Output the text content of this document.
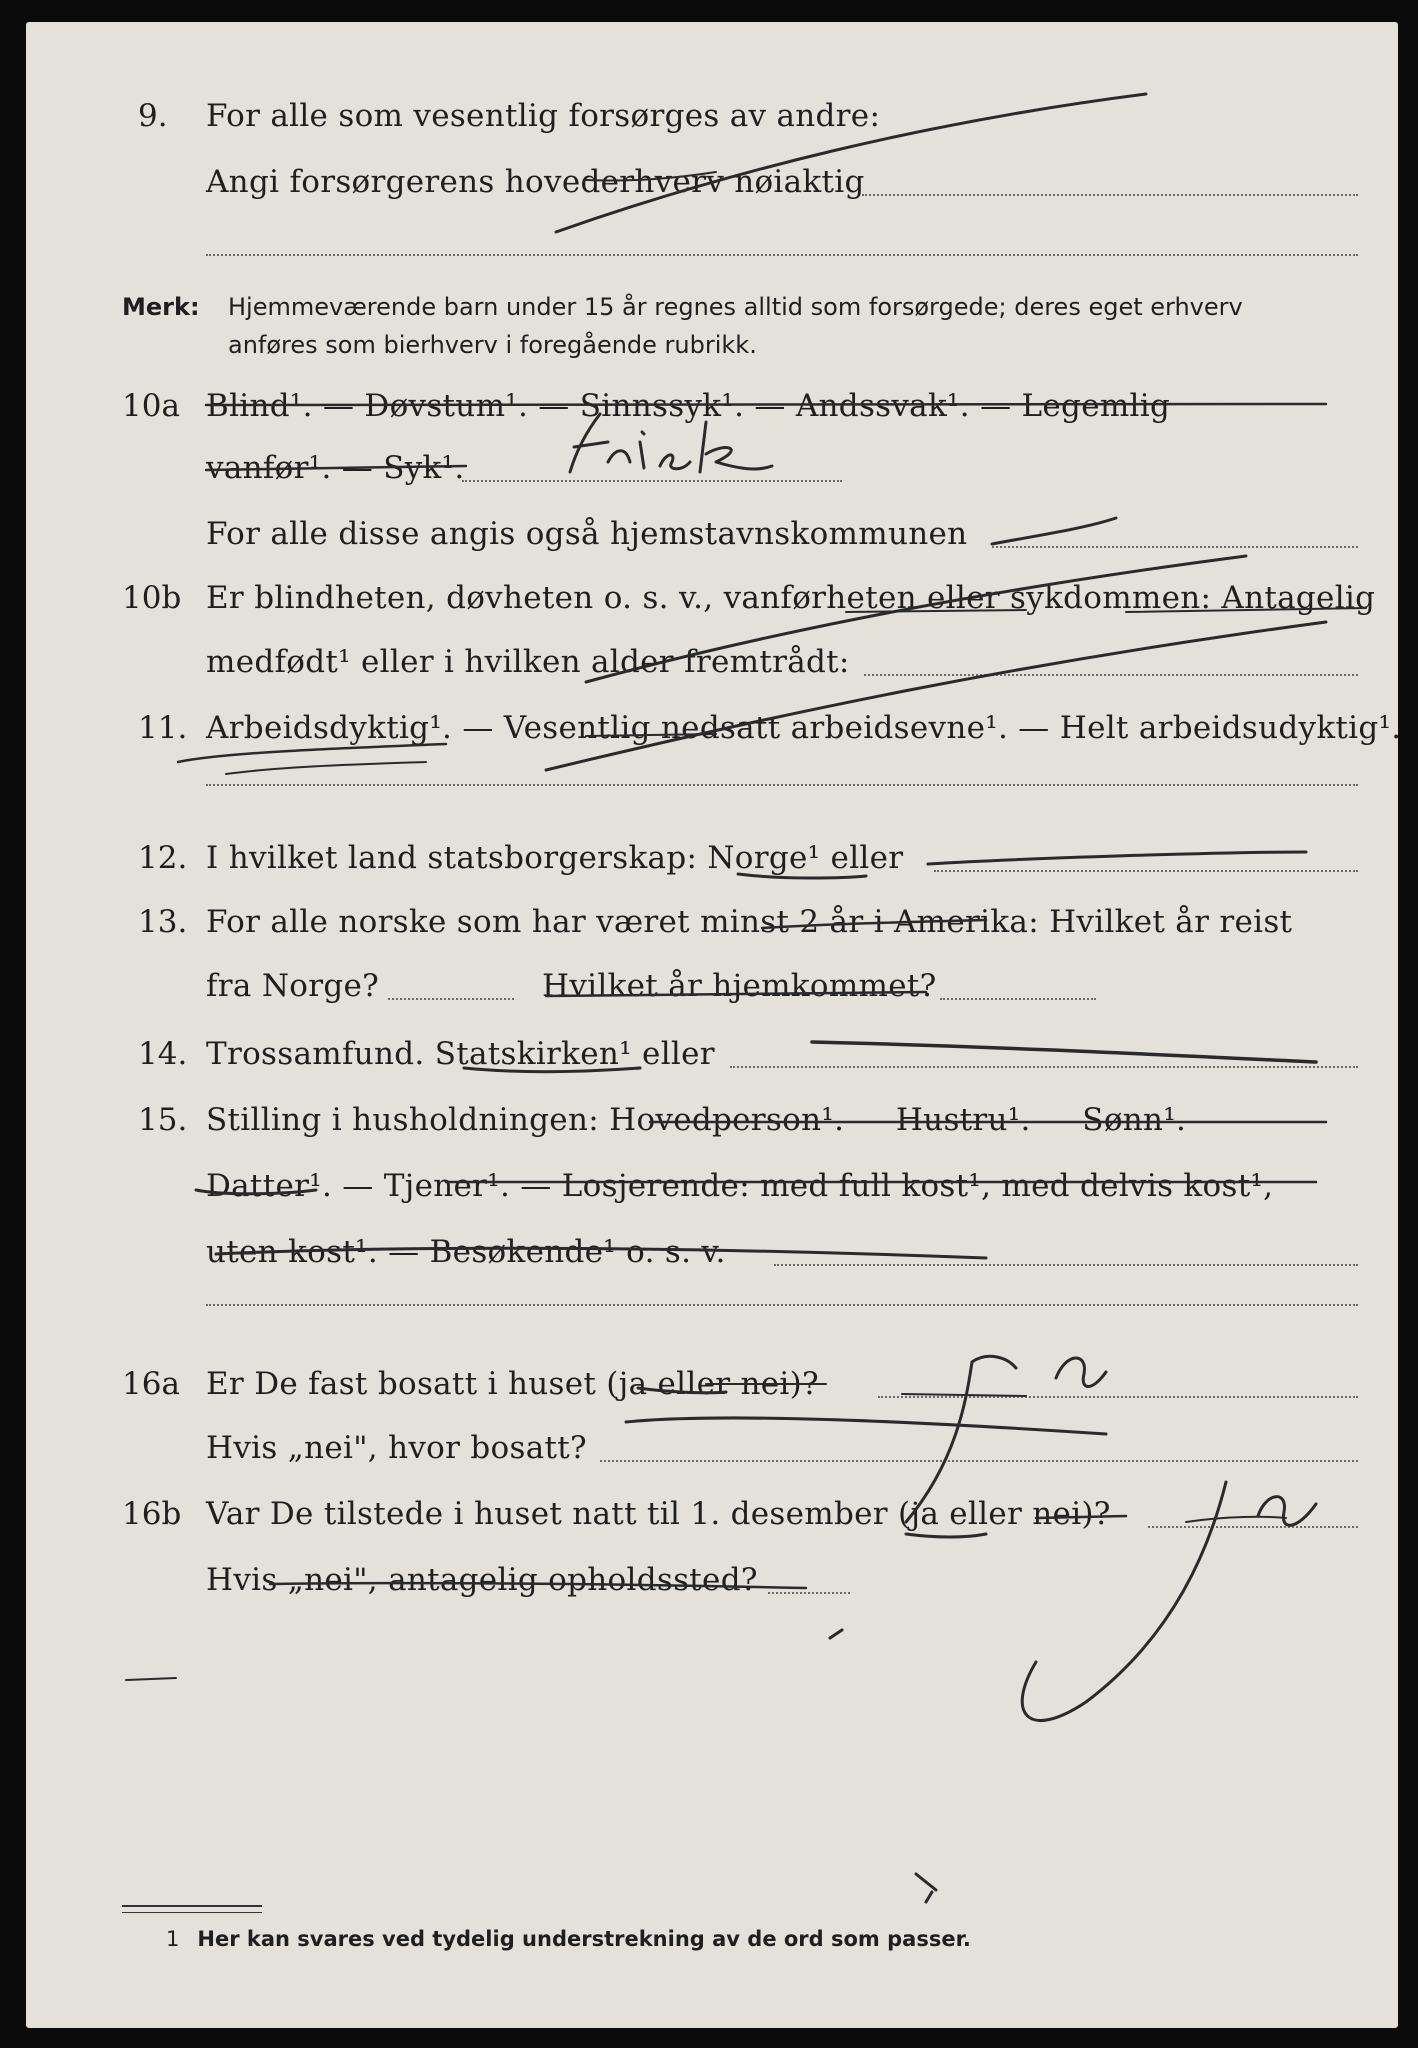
9. For alle som vesentlig forsørges av andre:
Angi forsørgerens hovederhverv nøiaktig
Merk: Hjemmeværende barn under 15 år regnes alltid som forsørgede; deres eget erhverv
anføres som bierhverv i foregående rubrikk.
10a Blind¹. — Døvstum¹. — Sinnssyk¹. — Andssvak¹. — Legemlig
vanfør¹. — Syk¹.
For alle disse angis også hjemstavnskommunen
10b Er blindheten, døvheten o. s. v., vanførheten eller sykdommen: Antagelig
medfødt¹ eller i hvilken alder fremtrådt:
11. Arbeidsdyktig¹. — Vesentlig nedsatt arbeidsevne¹. — Helt arbeidsudyktig¹.
12. I hvilket land statsborgerskap: Norge¹ eller
13. For alle norske som har været minst 2 år i Amerika: Hvilket år reist
fra Norge?	Hvilket år hjemkommet?
14. Trossamfund. Statskirken¹ eller
15. Stilling i husholdningen: Hovedperson¹. — Hustru¹. — Sønn¹. —
Datter¹. — Tjener¹. — Losjerende: med full kost¹, med delvis kost¹,
uten kost¹. — Besøkende¹ o. s. v.
16a Er De fast bosatt i huset (ja eller nei)?
Hvis „nei", hvor bosatt?
16b Var De tilstede i huset natt til 1. desember (ja eller nei)?
Hvis „nei", antagelig opholdssted?
1 Her kan svares ved tydelig understrekning av de ord som passer.
